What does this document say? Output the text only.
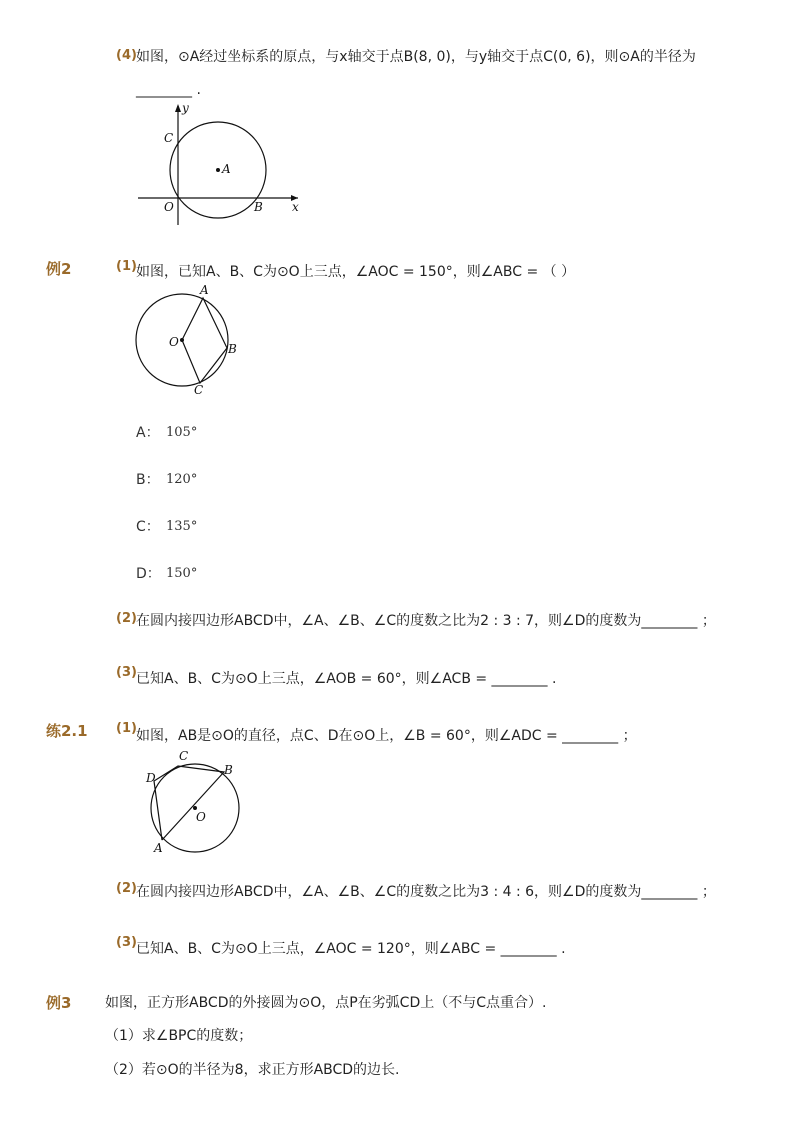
(4) 如图，⊙A经过坐标系的原点，与x轴交于点B(8, 0)，与y轴交于点C(0, 6)，则⊙A的半径为
________ .
y
C
A
O	B x
例2	(1) 如图，已知A、B、C为⊙O上三点，∠AOC = 150°，则∠ABC = （ ）
A
O	B
C
A： 105°
B： 120°
C： 135°
D： 150°
(2) 在圆内接四边形ABCD中，∠A、∠B、∠C的度数之比为2 : 3 : 7，则∠D的度数为________ ；
(3) 已知A、B、C为⊙O上三点，∠AOB = 60°，则∠ACB = ________ .
练2.1 (1) 如图，AB是⊙O的直径，点C、D在⊙O上，∠B = 60°，则∠ADC = ________ ；
C
B
D
O
A
(2) 在圆内接四边形ABCD中，∠A、∠B、∠C的度数之比为3 : 4 : 6，则∠D的度数为________ ；
(3) 已知A、B、C为⊙O上三点，∠AOC = 120°，则∠ABC = ________ .
例3 如图，正方形ABCD的外接圆为⊙O，点P在劣弧CD上（不与C点重合）.
（1）求∠BPC的度数；
（2）若⊙O的半径为8，求正方形ABCD的边长.
